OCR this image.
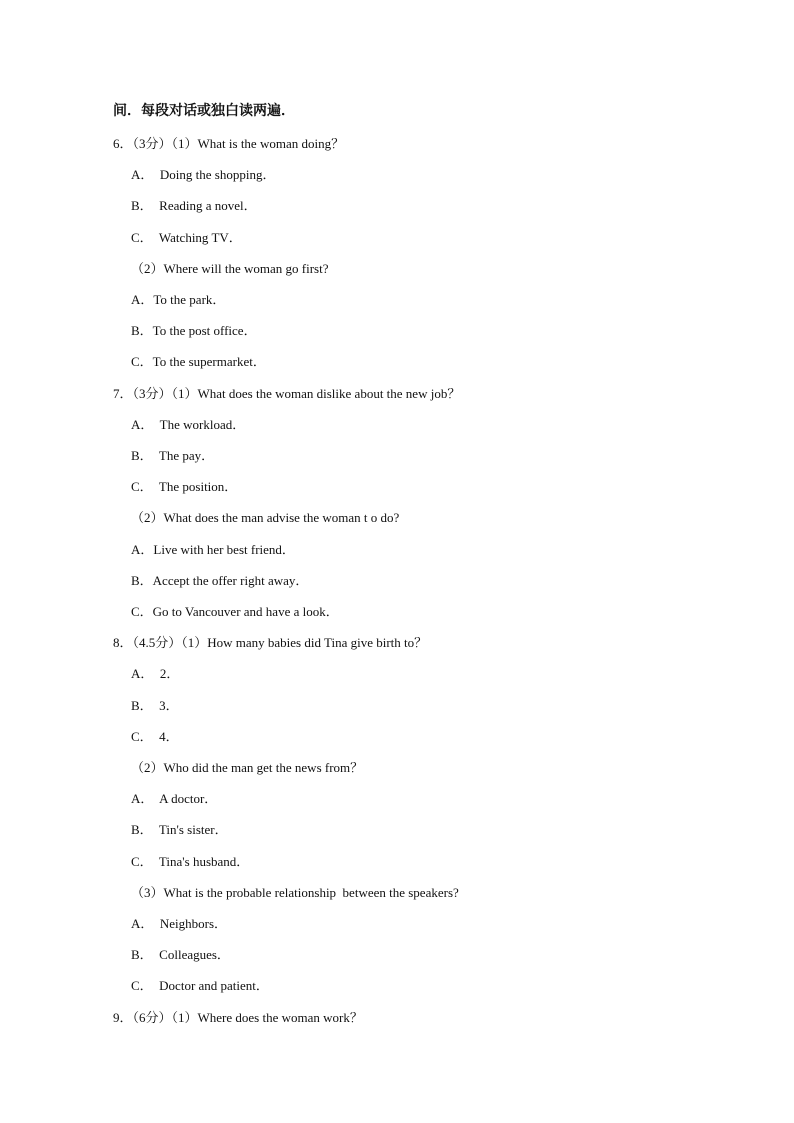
间．每段对话或独白读两遍．
6．（3分）（1）What is the woman doing？
A．  Doing the shopping．
B．  Reading a novel．
C．  Watching TV．
（2）Where will the woman go first?
A．To the park．
B．To the post office．
C．To the supermarket．
7．（3分）（1）What does the woman dislike about the new job？
A．  The workload．
B．  The pay．
C．  The position．
（2）What does the man advise the woman t o do?
A．Live with her best friend．
B．Accept the offer right away．
C．Go to Vancouver and have a look．
8．（4.5分）（1）How many babies did Tina give birth to？
A．  2．
B．  3．
C．  4．
（2）Who did the man get the news from？
A．  A doctor．
B．  Tin's sister．
C．  Tina's husband．
（3）What is the probable relationship  between the speakers?
A．  Neighbors．
B．  Colleagues．
C．  Doctor and patient．
9．（6分）（1）Where does the woman work？
